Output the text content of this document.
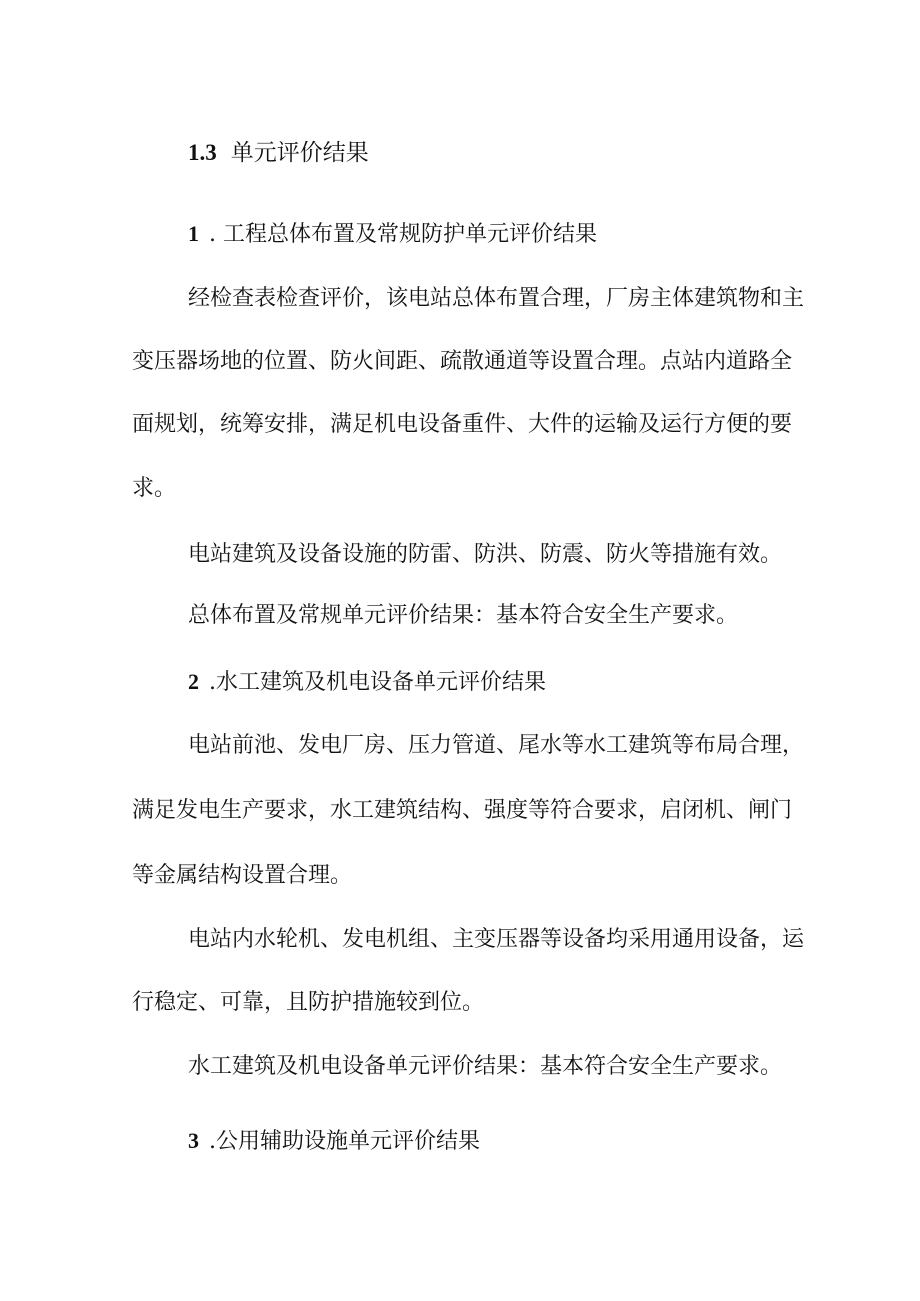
1.3 单元评价结果
1 . 工程总体布置及常规防护单元评价结果
经检查表检查评价，该电站总体布置合理，厂房主体建筑物和主
变压器场地的位置、防火间距、疏散通道等设置合理。点站内道路全
面规划，统筹安排，满足机电设备重件、大件的运输及运行方便的要
求。
电站建筑及设备设施的防雷、防洪、防震、防火等措施有效。
总体布置及常规单元评价结果：基本符合安全生产要求。
2 .水工建筑及机电设备单元评价结果
电站前池、发电厂房、压力管道、尾水等水工建筑等布局合理，
满足发电生产要求，水工建筑结构、强度等符合要求，启闭机、闸门
等金属结构设置合理。
电站内水轮机、发电机组、主变压器等设备均采用通用设备，运
行稳定、可靠，且防护措施较到位。
水工建筑及机电设备单元评价结果：基本符合安全生产要求。
3 .公用辅助设施单元评价结果
